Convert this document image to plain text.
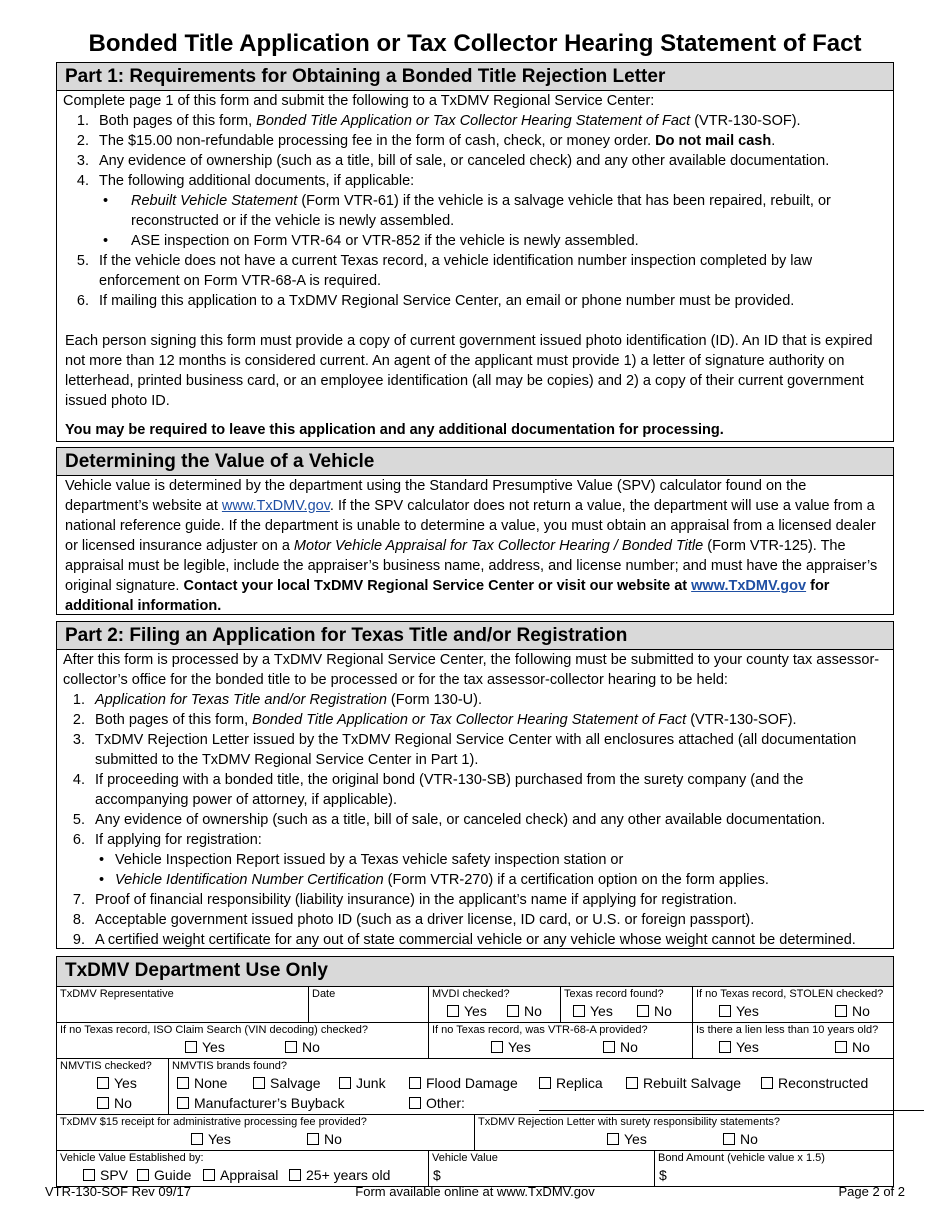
Bonded Title Application or Tax Collector Hearing Statement of Fact
Part 1: Requirements for Obtaining a Bonded Title Rejection Letter
Complete page 1 of this form and submit the following to a TxDMV Regional Service Center:
1. Both pages of this form, Bonded Title Application or Tax Collector Hearing Statement of Fact (VTR-130-SOF).
2. The $15.00 non-refundable processing fee in the form of cash, check, or money order. Do not mail cash.
3. Any evidence of ownership (such as a title, bill of sale, or canceled check) and any other available documentation.
4. The following additional documents, if applicable:
• Rebuilt Vehicle Statement (Form VTR-61) if the vehicle is a salvage vehicle that has been repaired, rebuilt, or reconstructed or if the vehicle is newly assembled.
• ASE inspection on Form VTR-64 or VTR-852 if the vehicle is newly assembled.
5. If the vehicle does not have a current Texas record, a vehicle identification number inspection completed by law enforcement on Form VTR-68-A is required.
6. If mailing this application to a TxDMV Regional Service Center, an email or phone number must be provided.
Each person signing this form must provide a copy of current government issued photo identification (ID). An ID that is expired not more than 12 months is considered current. An agent of the applicant must provide 1) a letter of signature authority on letterhead, printed business card, or an employee identification (all may be copies) and 2) a copy of their current government issued photo ID.
You may be required to leave this application and any additional documentation for processing.
Determining the Value of a Vehicle
Vehicle value is determined by the department using the Standard Presumptive Value (SPV) calculator found on the department’s website at www.TxDMV.gov. If the SPV calculator does not return a value, the department will use a value from a national reference guide. If the department is unable to determine a value, you must obtain an appraisal from a licensed dealer or licensed insurance adjuster on a Motor Vehicle Appraisal for Tax Collector Hearing / Bonded Title (Form VTR-125). The appraisal must be legible, include the appraiser’s business name, address, and license number; and must have the appraiser’s original signature. Contact your local TxDMV Regional Service Center or visit our website at www.TxDMV.gov for additional information.
Part 2: Filing an Application for Texas Title and/or Registration
After this form is processed by a TxDMV Regional Service Center, the following must be submitted to your county tax assessor-collector’s office for the bonded title to be processed or for the tax assessor-collector hearing to be held:
1. Application for Texas Title and/or Registration (Form 130-U).
2. Both pages of this form, Bonded Title Application or Tax Collector Hearing Statement of Fact (VTR-130-SOF).
3. TxDMV Rejection Letter issued by the TxDMV Regional Service Center with all enclosures attached (all documentation submitted to the TxDMV Regional Service Center in Part 1).
4. If proceeding with a bonded title, the original bond (VTR-130-SB) purchased from the surety company (and the accompanying power of attorney, if applicable).
5. Any evidence of ownership (such as a title, bill of sale, or canceled check) and any other available documentation.
6. If applying for registration:
• Vehicle Inspection Report issued by a Texas vehicle safety inspection station or
• Vehicle Identification Number Certification (Form VTR-270) if a certification option on the form applies.
7. Proof of financial responsibility (liability insurance) in the applicant’s name if applying for registration.
8. Acceptable government issued photo ID (such as a driver license, ID card, or U.S. or foreign passport).
9. A certified weight certificate for any out of state commercial vehicle or any vehicle whose weight cannot be determined.
TxDMV Department Use Only
TxDMV Representative	Date	MVDI checked?
Yes	No
Texas record found?
Yes	No
If no Texas record, STOLEN checked?
Yes	No
If no Texas record, ISO Claim Search (VIN decoding) checked?
Yes	No
If no Texas record, was VTR-68-A provided?
Yes	No
Is there a lien less than 10 years old?
Yes	No
NMVTIS checked?
Yes
No
NMVTIS brands found?
None	Salvage	Junk	Flood Damage	Replica	Rebuilt Salvage	Reconstructed
Manufacturer’s Buyback	Other:
TxDMV $15 receipt for administrative processing fee provided?
Yes	No
TxDMV Rejection Letter with surety responsibility statements?
Yes	No
Vehicle Value Established by:
SPV	Guide	Appraisal	25+ years old
Vehicle Value
$
Bond Amount (vehicle value x 1.5)
$
VTR-130-SOF Rev 09/17	Form available online at www.TxDMV.gov	Page 2 of 2
